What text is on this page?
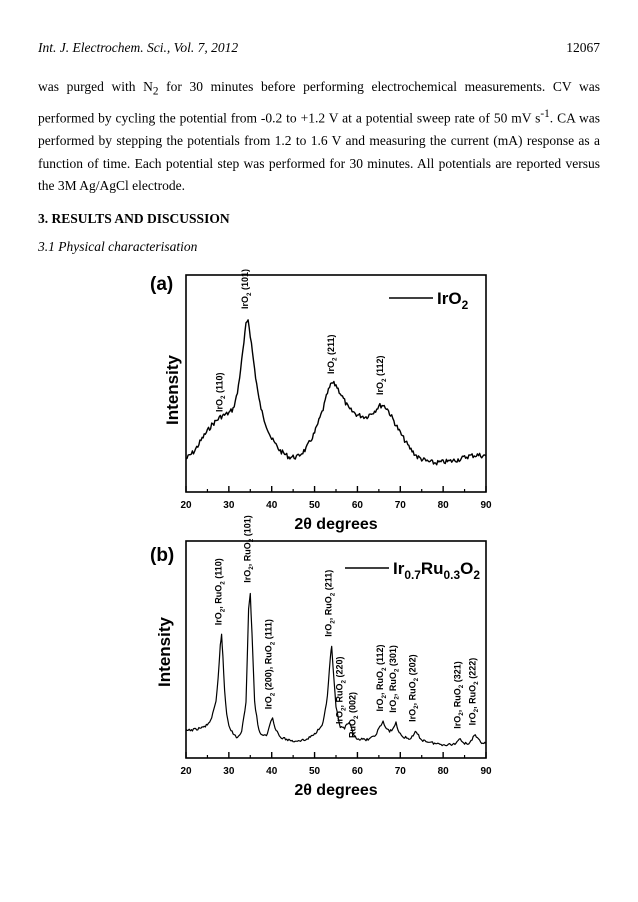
Int. J. Electrochem. Sci., Vol. 7, 2012	12067
was purged with $N_2$ for 30 minutes before performing electrochemical measurements. CV was performed by cycling the potential from -0.2 to +1.2 V at a potential sweep rate of 50 mV $s^{-1}$. CA was performed by stepping the potentials from 1.2 to 1.6 V and measuring the current (mA) response as a function of time. Each potential step was performed for 30 minutes. All potentials are reported versus the 3M Ag/AgCl electrode.
3. RESULTS AND DISCUSSION
3.1 Physical characterisation
20	30	40	50	60	70	80	90
2θ degrees
Intensity
(a)
IrO$_2$
IrO$_2$ (110)
IrO$_2$ (101)
IrO$_2$ (211)
IrO$_2$ (112)
20	30	40	50	60	70	80	90
2θ degrees
Intensity
(b)
$Ir_{0.7}Ru_{0.3}O_2$
IrO$_2$, RuO$_2$ (110)	IrO$_2$, RuO$_2$ (101)
IrO$_2$ (200), RuO$_2$ (111)	IrO$_2$, RuO$_2$ (211)
IrO$_2$, RuO$_2$ (220)
RuO$_2$ (002)	IrO$_2$, RuO$_2$ (112)
IrO$_2$, RuO$_2$ (301)
IrO$_2$, RuO$_2$ (202)
IrO$_2$, RuO$_2$ (321)
IrO$_2$, RuO$_2$ (222)
